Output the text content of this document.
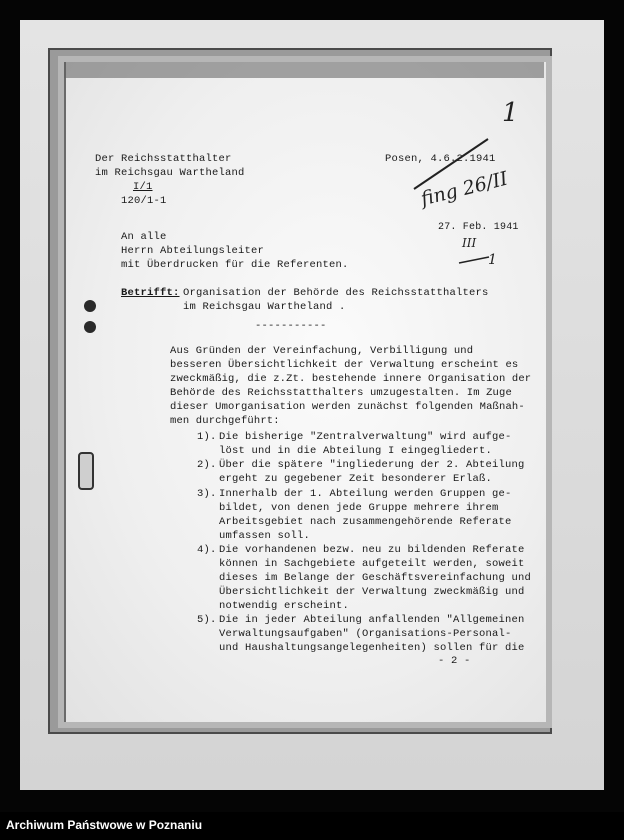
Der Reichsstatthalter
im Reichsgau Wartheland
I/1
120/1-1
Posen, 4.6.2.1941
27. Feb. 1941
1
fing 26/II
III
1
An alle
Herrn Abteilungsleiter
mit Überdrucken für die Referenten.
Betrifft: Organisation der Behörde des Reichsstatthalters
im Reichsgau Wartheland .
-----------
Aus Gründen der Vereinfachung, Verbilligung und
besseren Übersichtlichkeit der Verwaltung erscheint es
zweckmäßig, die z.Zt. bestehende innere Organisation der
Behörde des Reichsstatthalters umzugestalten. Im Zuge
dieser Umorganisation werden zunächst folgenden Maßnah-
men durchgeführt:
1). Die bisherige "Zentralverwaltung" wird aufge-
löst und in die Abteilung I eingegliedert.
2). Über die spätere "ingliederung der 2. Abteilung
ergeht zu gegebener Zeit besonderer Erlaß.
3). Innerhalb der 1. Abteilung werden Gruppen ge-
bildet, von denen jede Gruppe mehrere ihrem
Arbeitsgebiet nach zusammengehörende Referate
umfassen soll.
4). Die vorhandenen bezw. neu zu bildenden Referate
können in Sachgebiete aufgeteilt werden, soweit
dieses im Belange der Geschäftsvereinfachung und
Übersichtlichkeit der Verwaltung zweckmäßig und
notwendig erscheint.
5). Die in jeder Abteilung anfallenden "Allgemeinen
Verwaltungsaufgaben" (Organisations-Personal-
und Haushaltungsangelegenheiten) sollen für die
- 2 -
Archiwum Państwowe w Poznaniu
